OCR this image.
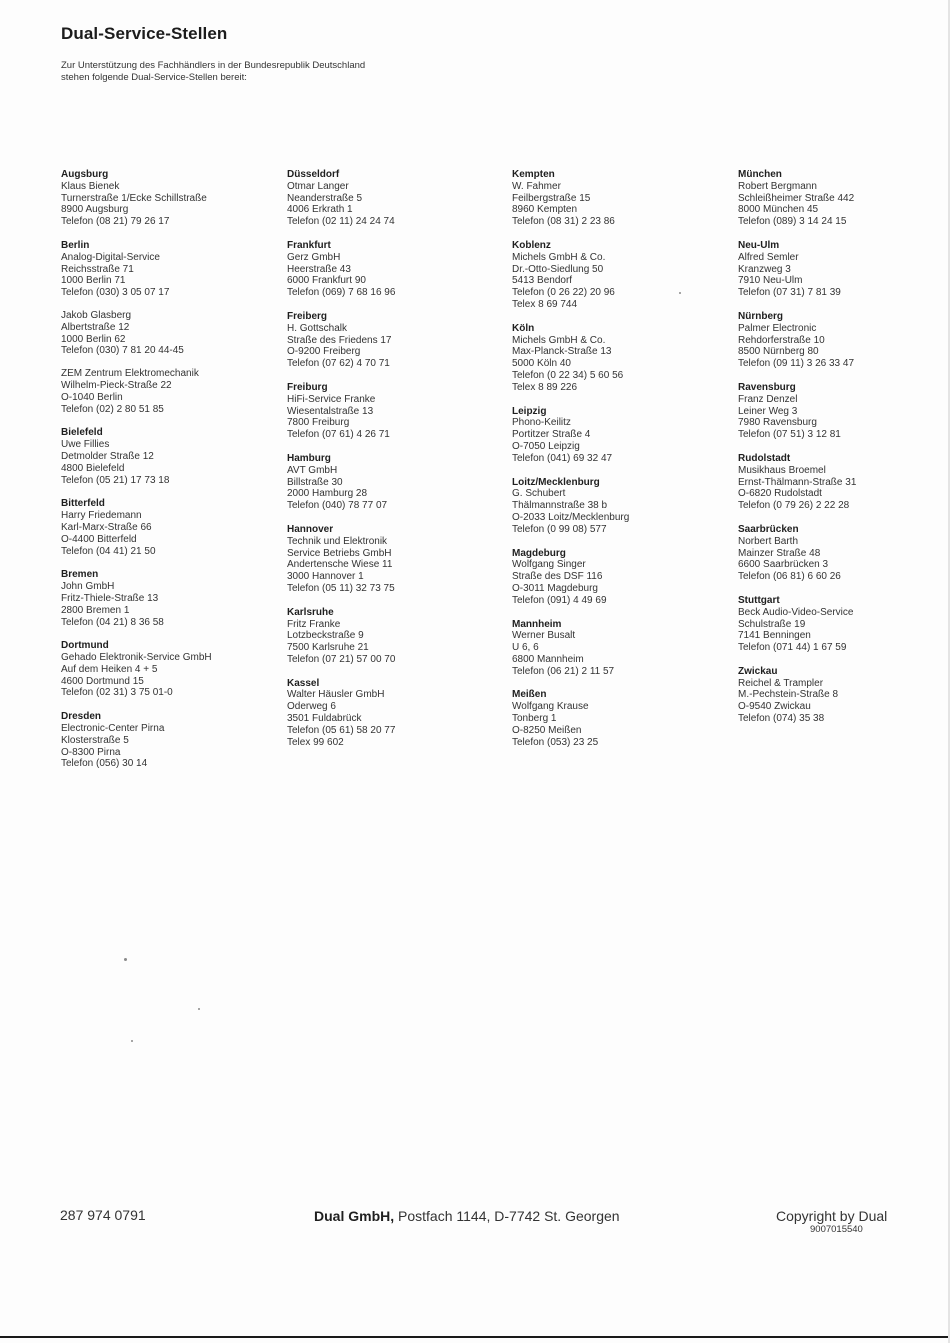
Dual-Service-Stellen
Zur Unterstützung des Fachhändlers in der Bundesrepublik Deutschland
stehen folgende Dual-Service-Stellen bereit:
Augsburg
Klaus Bienek
Turnerstraße 1/Ecke Schillstraße
8900 Augsburg
Telefon (08 21) 79 26 17
Berlin
Analog-Digital-Service
Reichsstraße 71
1000 Berlin 71
Telefon (030) 3 05 07 17
Jakob Glasberg
Albertstraße 12
1000 Berlin 62
Telefon (030) 7 81 20 44-45
ZEM Zentrum Elektromechanik
Wilhelm-Pieck-Straße 22
O-1040 Berlin
Telefon (02) 2 80 51 85
Bielefeld
Uwe Fillies
Detmolder Straße 12
4800 Bielefeld
Telefon (05 21) 17 73 18
Bitterfeld
Harry Friedemann
Karl-Marx-Straße 66
O-4400 Bitterfeld
Telefon (04 41) 21 50
Bremen
John GmbH
Fritz-Thiele-Straße 13
2800 Bremen 1
Telefon (04 21) 8 36 58
Dortmund
Gehado Elektronik-Service GmbH
Auf dem Heiken 4 + 5
4600 Dortmund 15
Telefon (02 31) 3 75 01-0
Dresden
Electronic-Center Pirna
Klosterstraße 5
O-8300 Pirna
Telefon (056) 30 14
Düsseldorf
Otmar Langer
Neanderstraße 5
4006 Erkrath 1
Telefon (02 11) 24 24 74
Frankfurt
Gerz GmbH
Heerstraße 43
6000 Frankfurt 90
Telefon (069) 7 68 16 96
Freiberg
H. Gottschalk
Straße des Friedens 17
O-9200 Freiberg
Telefon (07 62) 4 70 71
Freiburg
HiFi-Service Franke
Wiesentalstraße 13
7800 Freiburg
Telefon (07 61) 4 26 71
Hamburg
AVT GmbH
Billstraße 30
2000 Hamburg 28
Telefon (040) 78 77 07
Hannover
Technik und Elektronik
Service Betriebs GmbH
Andertensche Wiese 11
3000 Hannover 1
Telefon (05 11) 32 73 75
Karlsruhe
Fritz Franke
Lotzbeckstraße 9
7500 Karlsruhe 21
Telefon (07 21) 57 00 70
Kassel
Walter Häusler GmbH
Oderweg 6
3501 Fuldabrück
Telefon (05 61) 58 20 77
Telex 99 602
Kempten
W. Fahmer
Feilbergstraße 15
8960 Kempten
Telefon (08 31) 2 23 86
Koblenz
Michels GmbH & Co.
Dr.-Otto-Siedlung 50
5413 Bendorf
Telefon (0 26 22) 20 96
Telex 8 69 744
Köln
Michels GmbH & Co.
Max-Planck-Straße 13
5000 Köln 40
Telefon (0 22 34) 5 60 56
Telex 8 89 226
Leipzig
Phono-Keilitz
Portitzer Straße 4
O-7050 Leipzig
Telefon (041) 69 32 47
Loitz/Mecklenburg
G. Schubert
Thälmannstraße 38 b
O-2033 Loitz/Mecklenburg
Telefon (0 99 08) 577
Magdeburg
Wolfgang Singer
Straße des DSF 116
O-3011 Magdeburg
Telefon (091) 4 49 69
Mannheim
Werner Busalt
U 6, 6
6800 Mannheim
Telefon (06 21) 2 11 57
Meißen
Wolfgang Krause
Tonberg 1
O-8250 Meißen
Telefon (053) 23 25
München
Robert Bergmann
Schleißheimer Straße 442
8000 München 45
Telefon (089) 3 14 24 15
Neu-Ulm
Alfred Semler
Kranzweg 3
7910 Neu-Ulm
Telefon (07 31) 7 81 39
Nürnberg
Palmer Electronic
Rehdorferstraße 10
8500 Nürnberg 80
Telefon (09 11) 3 26 33 47
Ravensburg
Franz Denzel
Leiner Weg 3
7980 Ravensburg
Telefon (07 51) 3 12 81
Rudolstadt
Musikhaus Broemel
Ernst-Thälmann-Straße 31
O-6820 Rudolstadt
Telefon (0 79 26) 2 22 28
Saarbrücken
Norbert Barth
Mainzer Straße 48
6600 Saarbrücken 3
Telefon (06 81) 6 60 26
Stuttgart
Beck Audio-Video-Service
Schulstraße 19
7141 Benningen
Telefon (071 44) 1 67 59
Zwickau
Reichel & Trampler
M.-Pechstein-Straße 8
O-9540 Zwickau
Telefon (074) 35 38
287 974 0791	Dual GmbH, Postfach 1144, D-7742 St. Georgen	Copyright by Dual
9007015540
